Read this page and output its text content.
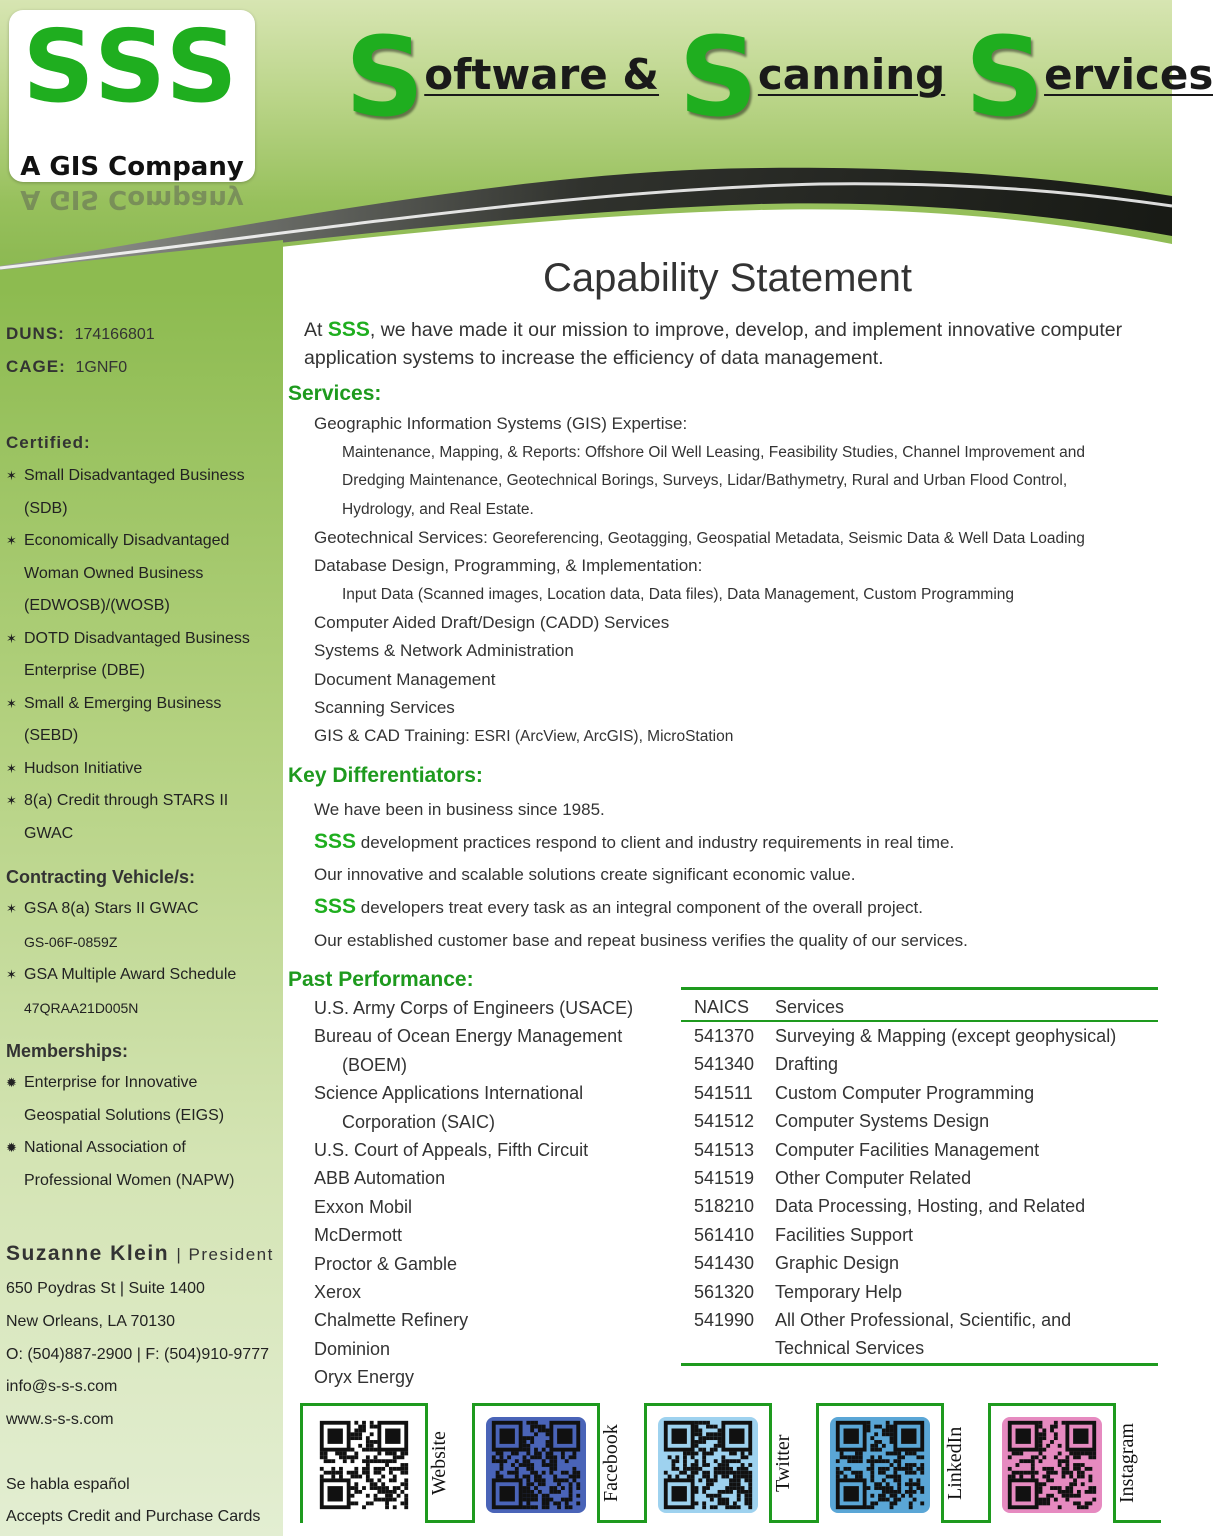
SSS
A GIS Company
A GIS Company
Software & Scanning Services
Capability Statement
DUNS: 174166801
CAGE: 1GNF0
Certified:
✶ Small Disadvantaged Business
(SDB)
✶ Economically Disadvantaged
Woman Owned Business
(EDWOSB)/(WOSB)
✶ DOTD Disadvantaged Business
Enterprise (DBE)
✶ Small & Emerging Business
(SEBD)
✶ Hudson Initiative
✶ 8(a) Credit through STARS II
GWAC
Contracting Vehicle/s:
✶ GSA 8(a) Stars II GWAC
GS-06F-0859Z
✶ GSA Multiple Award Schedule
47QRAA21D005N
Memberships:
✹ Enterprise for Innovative
Geospatial Solutions (EIGS)
✹ National Association of
Professional Women (NAPW)
Suzanne Klein | President
650 Poydras St | Suite 1400
New Orleans, LA 70130
O: (504)887-2900 | F: (504)910-9777
info@s-s-s.com
www.s-s-s.com
Se habla español
Accepts Credit and Purchase Cards
At SSS, we have made it our mission to improve, develop, and implement innovative computer
application systems to increase the efficiency of data management.
Services:
Geographic Information Systems (GIS) Expertise:
Maintenance, Mapping, & Reports: Offshore Oil Well Leasing, Feasibility Studies, Channel Improvement and
Dredging Maintenance, Geotechnical Borings, Surveys, Lidar/Bathymetry, Rural and Urban Flood Control,
Hydrology, and Real Estate.
Geotechnical Services: Georeferencing, Geotagging, Geospatial Metadata, Seismic Data & Well Data Loading
Database Design, Programming, & Implementation:
Input Data (Scanned images, Location data, Data files), Data Management, Custom Programming
Computer Aided Draft/Design (CADD) Services
Systems & Network Administration
Document Management
Scanning Services
GIS & CAD Training: ESRI (ArcView, ArcGIS), MicroStation
Key Differentiators:
We have been in business since 1985.
SSS development practices respond to client and industry requirements in real time.
Our innovative and scalable solutions create significant economic value.
SSS developers treat every task as an integral component of the overall project.
Our established customer base and repeat business verifies the quality of our services.
Past Performance:
U.S. Army Corps of Engineers (USACE)
Bureau of Ocean Energy Management
(BOEM)
Science Applications International
Corporation (SAIC)
U.S. Court of Appeals, Fifth Circuit
ABB Automation
Exxon Mobil
McDermott
Proctor & Gamble
Xerox
Chalmette Refinery
Dominion
Oryx Energy
NAICS	Services
541370	Surveying & Mapping (except geophysical)
541340	Drafting
541511	Custom Computer Programming
541512	Computer Systems Design
541513	Computer Facilities Management
541519	Other Computer Related
518210	Data Processing, Hosting, and Related
561410	Facilities Support
541430	Graphic Design
561320	Temporary Help
541990	All Other Professional, Scientific, and
Technical Services
Website	Facebook	Twitter	LinkedIn	Instagram
